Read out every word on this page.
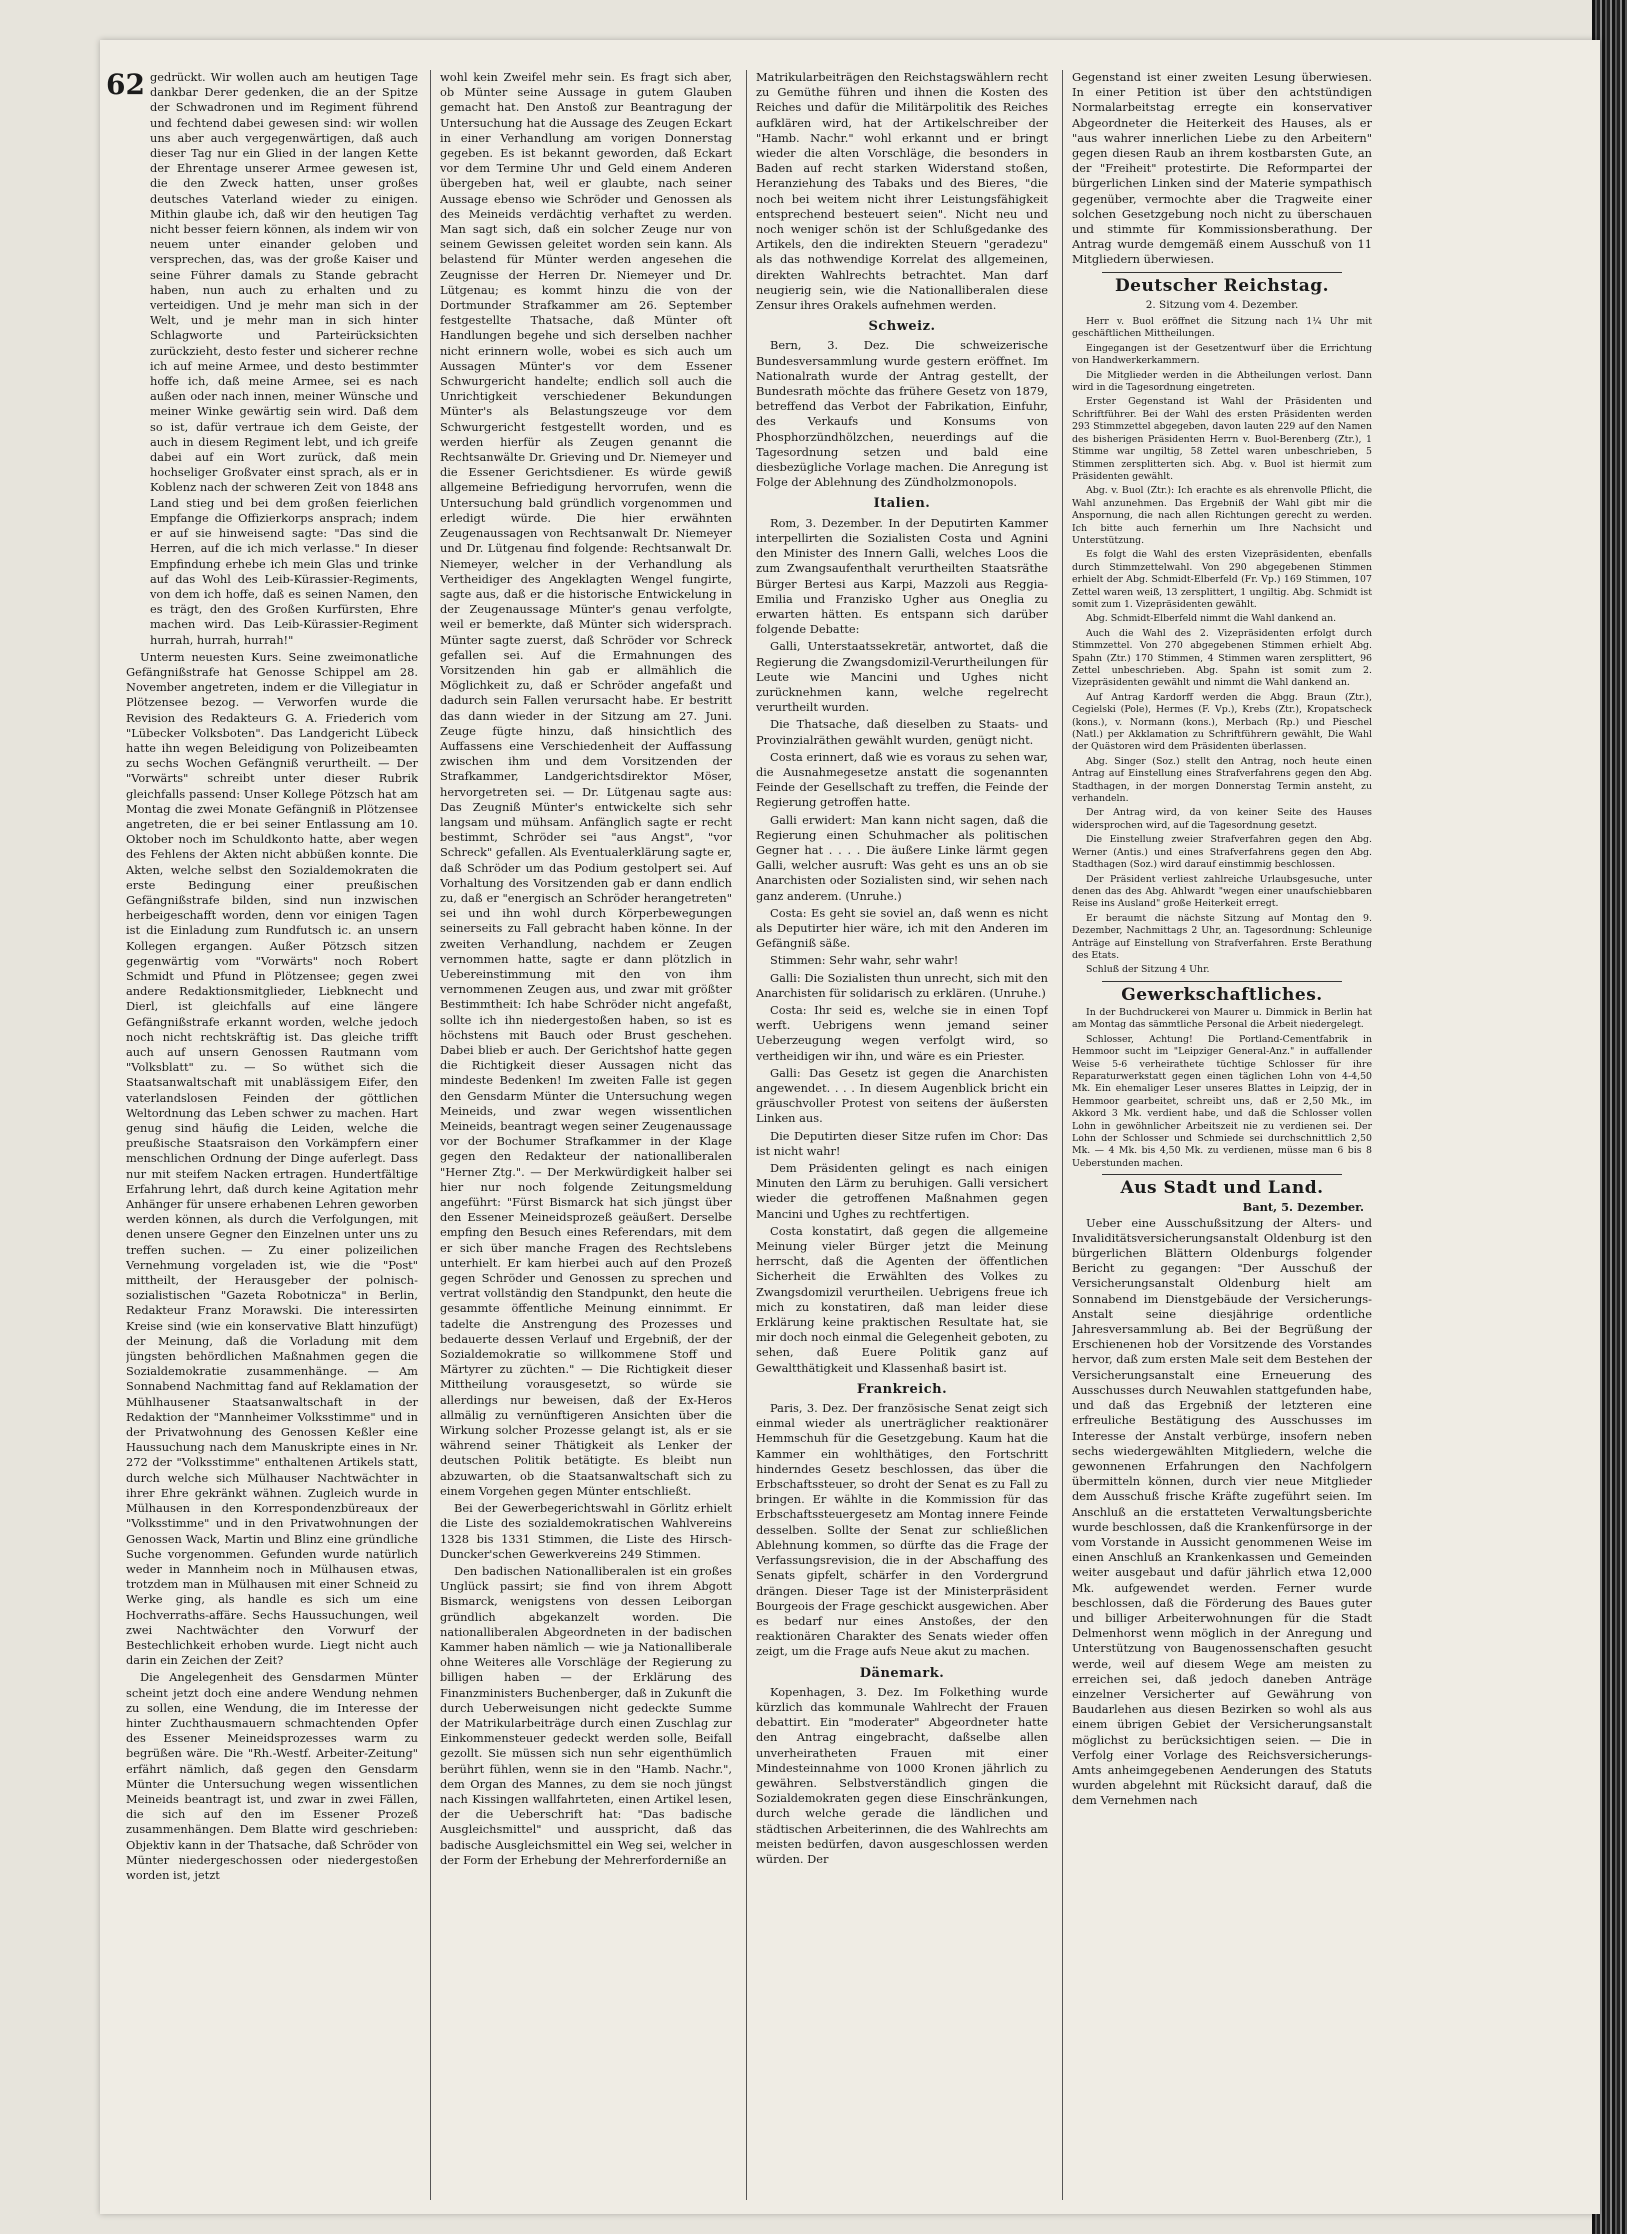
62 gedrückt. Wir wollen auch am heutigen Tage dankbar Derer gedenken, die an der Spitze der Schwadronen und im Regiment führend und fechtend dabei gewesen sind: wir wollen uns aber auch vergegenwärtigen, daß auch dieser Tag nur ein Glied in der langen Kette der Ehrentage unserer Armee gewesen ist, die den Zweck hatten, unser großes deutsches Vaterland wieder zu einigen. Mithin glaube ich, daß wir den heutigen Tag nicht besser feiern können, als indem wir von neuem unter einander geloben und versprechen, das, was der große Kaiser und seine Führer damals zu Stande gebracht haben, nun auch zu erhalten und zu verteidigen. Und je mehr man sich in der Welt, und je mehr man in sich hinter Schlagworte und Parteirücksichten zurückzieht, desto fester und sicherer rechne ich auf meine Armee, und desto bestimmter hoffe ich, daß meine Armee, sei es nach außen oder nach innen, meiner Wünsche und meiner Winke gewärtig sein wird. Daß dem so ist, dafür vertraue ich dem Geiste, der auch in diesem Regiment lebt, und ich greife dabei auf ein Wort zurück, daß mein hochseliger Großvater einst sprach, als er in Koblenz nach der schweren Zeit von 1848 ans Land stieg und bei dem großen feierlichen Empfange die Offizierkorps ansprach; indem er auf sie hinweisend sagte: "Das sind die Herren, auf die ich mich verlasse." In dieser Empfindung erhebe ich mein Glas und trinke auf das Wohl des Leib-Kürassier-Regiments, von dem ich hoffe, daß es seinen Namen, den es trägt, den des Großen Kurfürsten, Ehre machen wird. Das Leib-Kürassier-Regiment hurrah, hurrah, hurrah!"

Unterm neuesten Kurs. Seine zweimonatliche Gefängnißstrafe hat Genosse Schippel am 28. November angetreten, indem er die Villegiatur in Plötzensee bezog. — Verworfen wurde die Revision des Redakteurs G. A. Friederich vom "Lübecker Volksboten". Das Landgericht Lübeck hatte ihn wegen Beleidigung von Polizeibeamten zu sechs Wochen Gefängniß verurtheilt. — Der "Vorwärts" schreibt unter dieser Rubrik gleichfalls passend: Unser Kollege Pötzsch hat am Montag die zwei Monate Gefängniß in Plötzensee angetreten, die er bei seiner Entlassung am 10. Oktober noch im Schuldkonto hatte, aber wegen des Fehlens der Akten nicht abbüßen konnte. Die Akten, welche selbst den Sozialdemokraten die erste Bedingung einer preußischen Gefängnißstrafe bilden, sind nun inzwischen herbeigeschafft worden, denn vor einigen Tagen ist die Einladung zum Rundfutsch ic. an unsern Kollegen ergangen. Außer Pötzsch sitzen gegenwärtig vom "Vorwärts" noch Robert Schmidt und Pfund in Plötzensee; gegen zwei andere Redaktionsmitglieder, Liebknecht und Dierl, ist gleichfalls auf eine längere Gefängnißstrafe erkannt worden, welche jedoch noch nicht rechtskräftig ist. Das gleiche trifft auch auf unsern Genossen Rautmann vom "Volksblatt" zu. — So wüthet sich die Staatsanwaltschaft mit unablässigem Eifer, den vaterlandslosen Feinden der göttlichen Weltordnung das Leben schwer zu machen. Hart genug sind häufig die Leiden, welche die preußische Staatsraison den Vorkämpfern einer menschlichen Ordnung der Dinge auferlegt. Dass nur mit steifem Nacken ertragen. Hundertfältige Erfahrung lehrt, daß durch keine Agitation mehr Anhänger für unsere erhabenen Lehren geworben werden können, als durch die Verfolgungen, mit denen unsere Gegner den Einzelnen unter uns zu treffen suchen. — Zu einer polizeilichen Vernehmung vorgeladen ist, wie die "Post" mittheilt, der Herausgeber der polnisch-sozialistischen "Gazeta Robotnicza" in Berlin, Redakteur Franz Morawski. Die interessirten Kreise sind (wie ein konservative Blatt hinzufügt) der Meinung, daß die Vorladung mit dem jüngsten behördlichen Maßnahmen gegen die Sozialdemokratie zusammenhänge. — Am Sonnabend Nachmittag fand auf Reklamation der Mühlhausener Staatsanwaltschaft in der Redaktion der "Mannheimer Volksstimme" und in der Privatwohnung des Genossen Keßler eine Haussuchung nach dem Manuskripte eines in Nr. 272 der "Volksstimme" enthaltenen Artikels statt, durch welche sich Mülhauser Nachtwächter in ihrer Ehre gekränkt wähnen. Zugleich wurde in Mülhausen in den Korrespondenzbüreaux der "Volksstimme" und in den Privatwohnungen der Genossen Wack, Martin und Blinz eine gründliche Suche vorgenommen. Gefunden wurde natürlich weder in Mannheim noch in Mülhausen etwas, trotzdem man in Mülhausen mit einer Schneid zu Werke ging, als handle es sich um eine Hochverraths-affäre. Sechs Haussuchungen, weil zwei Nachtwächter den Vorwurf der Bestechlichkeit erhoben wurde. Liegt nicht auch darin ein Zeichen der Zeit?

Die Angelegenheit des Gensdarmen Münter scheint jetzt doch eine andere Wendung nehmen zu sollen, eine Wendung, die im Interesse der hinter Zuchthausmauern schmachtenden Opfer des Essener Meineidsprozesses warm zu begrüßen wäre. Die "Rh.-Westf. Arbeiter-Zeitung" erfährt nämlich, daß gegen den Gensdarm Münter die Untersuchung wegen wissentlichen Meineids beantragt ist, und zwar in zwei Fällen, die sich auf den im Essener Prozeß zusammenhängen. Dem Blatte wird geschrieben: Objektiv kann in der Thatsache, daß Schröder von Münter niedergeschossen oder niedergestoßen worden ist, jetzt

wohl kein Zweifel mehr sein. Es fragt sich aber, ob Münter seine Aussage in gutem Glauben gemacht hat. Den Anstoß zur Beantragung der Untersuchung hat die Aussage des Zeugen Eckart in einer Verhandlung am vorigen Donnerstag gegeben. Es ist bekannt geworden, daß Eckart vor dem Termine Uhr und Geld einem Anderen übergeben hat, weil er glaubte, nach seiner Aussage ebenso wie Schröder und Genossen als des Meineids verdächtig verhaftet zu werden. Man sagt sich, daß ein solcher Zeuge nur von seinem Gewissen geleitet worden sein kann. Als belastend für Münter werden angesehen die Zeugnisse der Herren Dr. Niemeyer und Dr. Lütgenau; es kommt hinzu die von der Dortmunder Strafkammer am 26. September festgestellte Thatsache, daß Münter oft Handlungen begehe und sich derselben nachher nicht erinnern wolle, wobei es sich auch um Aussagen Münter's vor dem Essener Schwurgericht handelte; endlich soll auch die Unrichtigkeit verschiedener Bekundungen Münter's als Belastungszeuge vor dem Schwurgericht festgestellt worden, und es werden hierfür als Zeugen genannt die Rechtsanwälte Dr. Grieving und Dr. Niemeyer und die Essener Gerichtsdiener. Es würde gewiß allgemeine Befriedigung hervorrufen, wenn die Untersuchung bald gründlich vorgenommen und erledigt würde. Die hier erwähnten Zeugenaussagen von Rechtsanwalt Dr. Niemeyer und Dr. Lütgenau find folgende: Rechtsanwalt Dr. Niemeyer, welcher in der Verhandlung als Vertheidiger des Angeklagten Wengel fungirte, sagte aus, daß er die historische Entwickelung in der Zeugenaussage Münter's genau verfolgte, weil er bemerkte, daß Münter sich widersprach. Münter sagte zuerst, daß Schröder vor Schreck gefallen sei. Auf die Ermahnungen des Vorsitzenden hin gab er allmählich die Möglichkeit zu, daß er Schröder angefaßt und dadurch sein Fallen verursacht habe. Er bestritt das dann wieder in der Sitzung am 27. Juni. Zeuge fügte hinzu, daß hinsichtlich des Auffassens eine Verschiedenheit der Auffassung zwischen ihm und dem Vorsitzenden der Strafkammer, Landgerichtsdirektor Möser, hervorgetreten sei. — Dr. Lütgenau sagte aus: Das Zeugniß Münter's entwickelte sich sehr langsam und mühsam. Anfänglich sagte er recht bestimmt, Schröder sei "aus Angst", "vor Schreck" gefallen. Als Eventualerklärung sagte er, daß Schröder um das Podium gestolpert sei. Auf Vorhaltung des Vorsitzenden gab er dann endlich zu, daß er "energisch an Schröder herangetreten" sei und ihn wohl durch Körperbewegungen seinerseits zu Fall gebracht haben könne. In der zweiten Verhandlung, nachdem er Zeugen vernommen hatte, sagte er dann plötzlich in Uebereinstimmung mit den von ihm vernommenen Zeugen aus, und zwar mit größter Bestimmtheit: Ich habe Schröder nicht angefaßt, sollte ich ihn niedergestoßen haben, so ist es höchstens mit Bauch oder Brust geschehen. Dabei blieb er auch. Der Gerichtshof hatte gegen die Richtigkeit dieser Aussagen nicht das mindeste Bedenken! Im zweiten Falle ist gegen den Gensdarm Münter die Untersuchung wegen Meineids, und zwar wegen wissentlichen Meineids, beantragt wegen seiner Zeugenaussage vor der Bochumer Strafkammer in der Klage gegen den Redakteur der nationalliberalen "Herner Ztg.". — Der Merkwürdigkeit halber sei hier nur noch folgende Zeitungsmeldung angeführt: "Fürst Bismarck hat sich jüngst über den Essener Meineidsprozeß geäußert. Derselbe empfing den Besuch eines Referendars, mit dem er sich über manche Fragen des Rechtslebens unterhielt. Er kam hierbei auch auf den Prozeß gegen Schröder und Genossen zu sprechen und vertrat vollständig den Standpunkt, den heute die gesammte öffentliche Meinung einnimmt. Er tadelte die Anstrengung des Prozesses und bedauerte dessen Verlauf und Ergebniß, der der Sozialdemokratie so willkommene Stoff und Märtyrer zu züchten." — Die Richtigkeit dieser Mittheilung vorausgesetzt, so würde sie allerdings nur beweisen, daß der Ex-Heros allmälig zu vernünftigeren Ansichten über die Wirkung solcher Prozesse gelangt ist, als er sie während seiner Thätigkeit als Lenker der deutschen Politik betätigte. Es bleibt nun abzuwarten, ob die Staatsanwaltschaft sich zu einem Vorgehen gegen Münter entschließt.

Bei der Gewerbegerichtswahl in Görlitz erhielt die Liste des sozialdemokratischen Wahlvereins 1328 bis 1331 Stimmen, die Liste des Hirsch-Duncker'schen Gewerkvereins 249 Stimmen.

Den badischen Nationalliberalen ist ein großes Unglück passirt; sie find von ihrem Abgott Bismarck, wenigstens von dessen Leiborgan gründlich abgekanzelt worden. Die nationalliberalen Abgeordneten in der badischen Kammer haben nämlich — wie ja Nationalliberale ohne Weiteres alle Vorschläge der Regierung zu billigen haben — der Erklärung des Finanzministers Buchenberger, daß in Zukunft die durch Ueberweisungen nicht gedeckte Summe der Matrikularbeiträge durch einen Zuschlag zur Einkommensteuer gedeckt werden solle, Beifall gezollt. Sie müssen sich nun sehr eigenthümlich berührt fühlen, wenn sie in den "Hamb. Nachr.", dem Organ des Mannes, zu dem sie noch jüngst nach Kissingen wallfahrteten, einen Artikel lesen, der die Ueberschrift hat: "Das badische Ausgleichsmittel" und ausspricht, daß das badische Ausgleichsmittel ein Weg sei, welcher in der Form der Erhebung der Mehrerforderniße an

Matrikularbeiträgen den Reichstagswählern recht zu Gemüthe führen und ihnen die Kosten des Reiches und dafür die Militärpolitik des Reiches aufklären wird, hat der Artikelschreiber der "Hamb. Nachr." wohl erkannt und er bringt wieder die alten Vorschläge, die besonders in Baden auf recht starken Widerstand stoßen, Heranziehung des Tabaks und des Bieres, "die noch bei weitem nicht ihrer Leistungsfähigkeit entsprechend besteuert seien". Nicht neu und noch weniger schön ist der Schlußgedanke des Artikels, den die indirekten Steuern "geradezu" als das nothwendige Korrelat des allgemeinen, direkten Wahlrechts betrachtet. Man darf neugierig sein, wie die Nationalliberalen diese Zensur ihres Orakels aufnehmen werden.

Schweiz.

Bern, 3. Dez. Die schweizerische Bundesversammlung wurde gestern eröffnet. Im Nationalrath wurde der Antrag gestellt, der Bundesrath möchte das frühere Gesetz von 1879, betreffend das Verbot der Fabrikation, Einfuhr, des Verkaufs und Konsums von Phosphorzündhölzchen, neuerdings auf die Tagesordnung setzen und bald eine diesbezügliche Vorlage machen. Die Anregung ist Folge der Ablehnung des Zündholzmonopols.

Italien.

Rom, 3. Dezember. In der Deputirten Kammer interpellirten die Sozialisten Costa und Agnini den Minister des Innern Galli, welches Loos die zum Zwangsaufenthalt verurtheilten Staatsräthe Bürger Bertesi aus Karpi, Mazzoli aus Reggia-Emilia und Franzisko Ugher aus Oneglia zu erwarten hätten. Es entspann sich darüber folgende Debatte:

Galli, Unterstaatssekretär, antwortet, daß die Regierung die Zwangsdomizil-Verurtheilungen für Leute wie Mancini und Ughes nicht zurücknehmen kann, welche regelrecht verurtheilt wurden.

Die Thatsache, daß dieselben zu Staats- und Provinzialräthen gewählt wurden, genügt nicht.

Costa erinnert, daß wie es voraus zu sehen war, die Ausnahmegesetze anstatt die sogenannten Feinde der Gesellschaft zu treffen, die Feinde der Regierung getroffen hatte.

Galli erwidert: Man kann nicht sagen, daß die Regierung einen Schuhmacher als politischen Gegner hat . . . . Die äußere Linke lärmt gegen Galli, welcher ausruft: Was geht es uns an ob sie Anarchisten oder Sozialisten sind, wir sehen nach ganz anderem. (Unruhe.)

Costa: Es geht sie soviel an, daß wenn es nicht als Deputirter hier wäre, ich mit den Anderen im Gefängniß säße.

Stimmen: Sehr wahr, sehr wahr!

Galli: Die Sozialisten thun unrecht, sich mit den Anarchisten für solidarisch zu erklären. (Unruhe.)

Costa: Ihr seid es, welche sie in einen Topf werft. Uebrigens wenn jemand seiner Ueberzeugung wegen verfolgt wird, so vertheidigen wir ihn, und wäre es ein Priester.

Galli: Das Gesetz ist gegen die Anarchisten angewendet. . . . In diesem Augenblick bricht ein gräuschvoller Protest von seitens der äußersten Linken aus.

Die Deputirten dieser Sitze rufen im Chor: Das ist nicht wahr!

Dem Präsidenten gelingt es nach einigen Minuten den Lärm zu beruhigen. Galli versichert wieder die getroffenen Maßnahmen gegen Mancini und Ughes zu rechtfertigen.

Costa konstatirt, daß gegen die allgemeine Meinung vieler Bürger jetzt die Meinung herrscht, daß die Agenten der öffentlichen Sicherheit die Erwählten des Volkes zu Zwangsdomizil verurtheilen. Uebrigens freue ich mich zu konstatiren, daß man leider diese Erklärung keine praktischen Resultate hat, sie mir doch noch einmal die Gelegenheit geboten, zu sehen, daß Euere Politik ganz auf Gewaltthätigkeit und Klassenhaß basirt ist.

Frankreich.

Paris, 3. Dez. Der französische Senat zeigt sich einmal wieder als unerträglicher reaktionärer Hemmschuh für die Gesetzgebung. Kaum hat die Kammer ein wohlthätiges, den Fortschritt hinderndes Gesetz beschlossen, das über die Erbschaftssteuer, so droht der Senat es zu Fall zu bringen. Er wählte in die Kommission für das Erbschaftssteuergesetz am Montag innere Feinde desselben. Sollte der Senat zur schließlichen Ablehnung kommen, so dürfte das die Frage der Verfassungsrevision, die in der Abschaffung des Senats gipfelt, schärfer in den Vordergrund drängen. Dieser Tage ist der Ministerpräsident Bourgeois der Frage geschickt ausgewichen. Aber es bedarf nur eines Anstoßes, der den reaktionären Charakter des Senats wieder offen zeigt, um die Frage aufs Neue akut zu machen.

Dänemark.

Kopenhagen, 3. Dez. Im Folkething wurde kürzlich das kommunale Wahlrecht der Frauen debattirt. Ein "moderater" Abgeordneter hatte den Antrag eingebracht, daßselbe allen unverheiratheten Frauen mit einer Mindesteinnahme von 1000 Kronen jährlich zu gewähren. Selbstverständlich gingen die Sozialdemokraten gegen diese Einschränkungen, durch welche gerade die ländlichen und städtischen Arbeiterinnen, die des Wahlrechts am meisten bedürfen, davon ausgeschlossen werden würden. Der

Gegenstand ist einer zweiten Lesung überwiesen. In einer Petition ist über den achtstündigen Normalarbeitstag erregte ein konservativer Abgeordneter die Heiterkeit des Hauses, als er "aus wahrer innerlichen Liebe zu den Arbeitern" gegen diesen Raub an ihrem kostbarsten Gute, an der "Freiheit" protestirte. Die Reformpartei der bürgerlichen Linken sind der Materie sympathisch gegenüber, vermochte aber die Tragweite einer solchen Gesetzgebung noch nicht zu überschauen und stimmte für Kommissionsberathung. Der Antrag wurde demgemäß einem Ausschuß von 11 Mitgliedern überwiesen.

Deutscher Reichstag.
2. Sitzung vom 4. Dezember.

Herr v. Buol eröffnet die Sitzung nach 1¼ Uhr mit geschäftlichen Mittheilungen.

Eingegangen ist der Gesetzentwurf über die Errichtung von Handwerkerkammern.

Die Mitglieder werden in die Abtheilungen verlost. Dann wird in die Tagesordnung eingetreten.

Erster Gegenstand ist Wahl der Präsidenten und Schriftführer. Bei der Wahl des ersten Präsidenten werden 293 Stimmzettel abgegeben, davon lauten 229 auf den Namen des bisherigen Präsidenten Herrn v. Buol-Berenberg (Ztr.), 1 Stimme war ungiltig, 58 Zettel waren unbeschrieben, 5 Stimmen zersplitterten sich. Abg. v. Buol ist hiermit zum Präsidenten gewählt.

Abg. v. Buol (Ztr.): Ich erachte es als ehrenvolle Pflicht, die Wahl anzunehmen. Das Ergebniß der Wahl gibt mir die Anspornung, die nach allen Richtungen gerecht zu werden. Ich bitte auch fernerhin um Ihre Nachsicht und Unterstützung.

Es folgt die Wahl des ersten Vizepräsidenten, ebenfalls durch Stimmzettelwahl. Von 290 abgegebenen Stimmen erhielt der Abg. Schmidt-Elberfeld (Fr. Vp.) 169 Stimmen, 107 Zettel waren weiß, 13 zersplittert, 1 ungiltig. Abg. Schmidt ist somit zum 1. Vizepräsidenten gewählt.

Abg. Schmidt-Elberfeld nimmt die Wahl dankend an.

Auch die Wahl des 2. Vizepräsidenten erfolgt durch Stimmzettel. Von 270 abgegebenen Stimmen erhielt Abg. Spahn (Ztr.) 170 Stimmen, 4 Stimmen waren zersplittert, 96 Zettel unbeschrieben. Abg. Spahn ist somit zum 2. Vizepräsidenten gewählt und nimmt die Wahl dankend an.

Auf Antrag Kardorff werden die Abgg. Braun (Ztr.), Cegielski (Pole), Hermes (F. Vp.), Krebs (Ztr.), Kropatscheck (kons.), v. Normann (kons.), Merbach (Rp.) und Pieschel (Natl.) per Akklamation zu Schriftführern gewählt, Die Wahl der Quästoren wird dem Präsidenten überlassen.

Abg. Singer (Soz.) stellt den Antrag, noch heute einen Antrag auf Einstellung eines Strafverfahrens gegen den Abg. Stadthagen, in der morgen Donnerstag Termin ansteht, zu verhandeln.

Der Antrag wird, da von keiner Seite des Hauses widersprochen wird, auf die Tagesordnung gesetzt.

Die Einstellung zweier Strafverfahren gegen den Abg. Werner (Antis.) und eines Strafverfahrens gegen den Abg. Stadthagen (Soz.) wird darauf einstimmig beschlossen.

Der Präsident verliest zahlreiche Urlaubsgesuche, unter denen das des Abg. Ahlwardt "wegen einer unaufschiebbaren Reise ins Ausland" große Heiterkeit erregt.

Er beraumt die nächste Sitzung auf Montag den 9. Dezember, Nachmittags 2 Uhr, an. Tagesordnung: Schleunige Anträge auf Einstellung von Strafverfahren. Erste Berathung des Etats.

Schluß der Sitzung 4 Uhr.

Gewerkschaftliches.

In der Buchdruckerei von Maurer u. Dimmick in Berlin hat am Montag das sämmtliche Personal die Arbeit niedergelegt.

Schlosser, Achtung! Die Portland-Cementfabrik in Hemmoor sucht im "Leipziger General-Anz." in auffallender Weise 5-6 verheirathete tüchtige Schlosser für ihre Reparaturwerkstatt gegen einen täglichen Lohn von 4-4,50 Mk. Ein ehemaliger Leser unseres Blattes in Leipzig, der in Hemmoor gearbeitet, schreibt uns, daß er 2,50 Mk., im Akkord 3 Mk. verdient habe, und daß die Schlosser vollen Lohn in gewöhnlicher Arbeitszeit nie zu verdienen sei. Der Lohn der Schlosser und Schmiede sei durchschnittlich 2,50 Mk. — 4 Mk. bis 4,50 Mk. zu verdienen, müsse man 6 bis 8 Ueberstunden machen.

Aus Stadt und Land.
Bant, 5. Dezember.

Ueber eine Ausschußsitzung der Alters- und Invaliditätsversicherungsanstalt Oldenburg ist den bürgerlichen Blättern Oldenburgs folgender Bericht zu gegangen: "Der Ausschuß der Versicherungsanstalt Oldenburg hielt am Sonnabend im Dienstgebäude der Versicherungs-Anstalt seine diesjährige ordentliche Jahresversammlung ab. Bei der Begrüßung der Erschienenen hob der Vorsitzende des Vorstandes hervor, daß zum ersten Male seit dem Bestehen der Versicherungsanstalt eine Erneuerung des Ausschusses durch Neuwahlen stattgefunden habe, und daß das Ergebniß der letzteren eine erfreuliche Bestätigung des Ausschusses im Interesse der Anstalt verbürge, insofern neben sechs wiedergewählten Mitgliedern, welche die gewonnenen Erfahrungen den Nachfolgern übermitteln können, durch vier neue Mitglieder dem Ausschuß frische Kräfte zugeführt seien. Im Anschluß an die erstatteten Verwaltungsberichte wurde beschlossen, daß die Krankenfürsorge in der vom Vorstande in Aussicht genommenen Weise im einen Anschluß an Krankenkassen und Gemeinden weiter ausgebaut und dafür jährlich etwa 12,000 Mk. aufgewendet werden. Ferner wurde beschlossen, daß die Förderung des Baues guter und billiger Arbeiterwohnungen für die Stadt Delmenhorst wenn möglich in der Anregung und Unterstützung von Baugenossenschaften gesucht werde, weil auf diesem Wege am meisten zu erreichen sei, daß jedoch daneben Anträge einzelner Versicherter auf Gewährung von Baudarlehen aus diesen Bezirken so wohl als aus einem übrigen Gebiet der Versicherungsanstalt möglichst zu berücksichtigen seien. — Die in Verfolg einer Vorlage des Reichsversicherungs-Amts anheimgegebenen Aenderungen des Statuts wurden abgelehnt mit Rücksicht darauf, daß die dem Vernehmen nach
